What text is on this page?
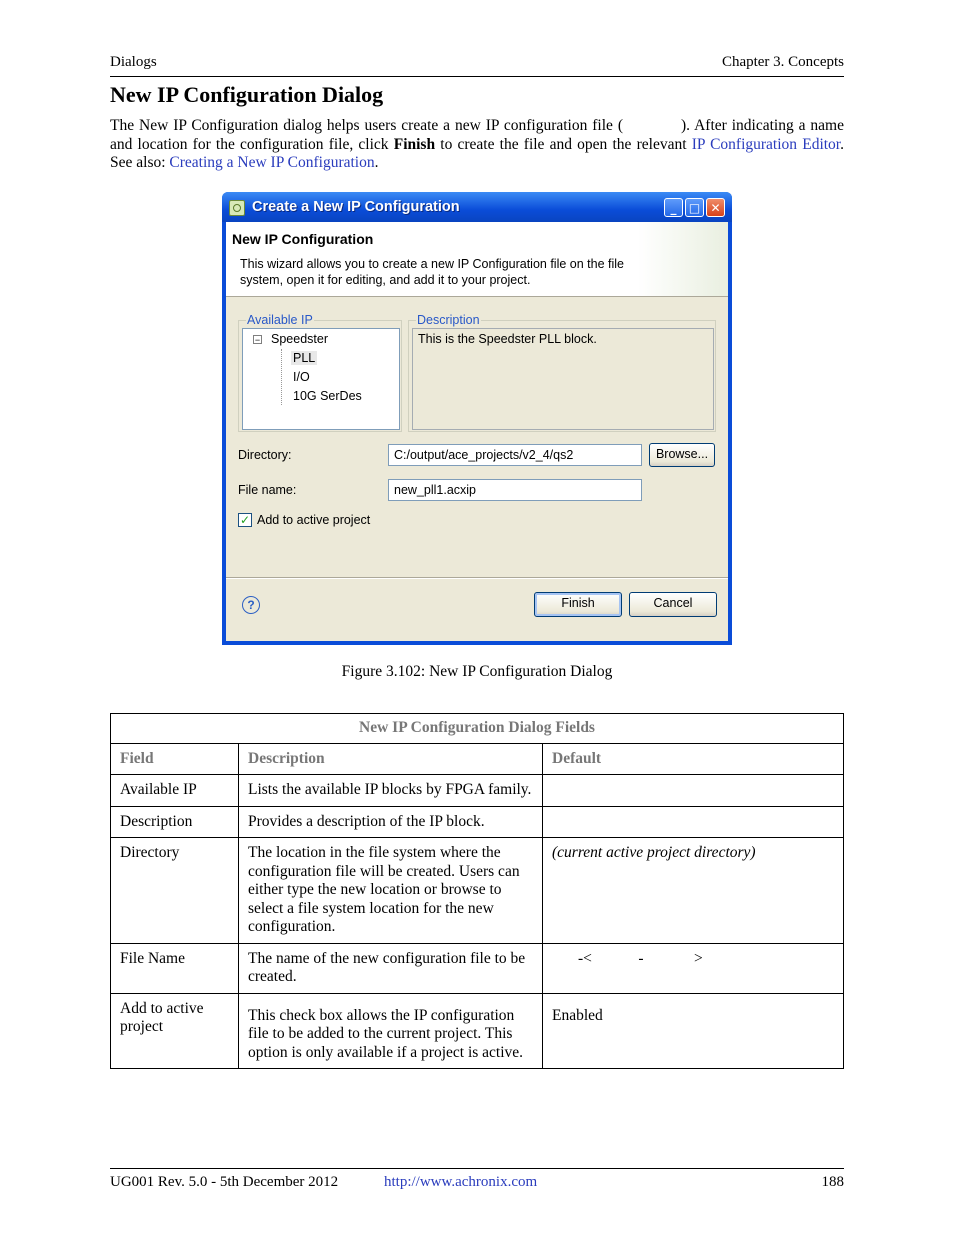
Dialogs	Chapter 3. Concepts
New IP Configuration Dialog
The New IP Configuration dialog helps users create a new IP configuration file (	). After indicating a name and location for the configuration file, click Finish to create the file and open the relevant IP Configuration Editor. See also: Creating a New IP Configuration.
Create a New IP Configuration	_	□ ✕
New IP Configuration
This wizard allows you to create a new IP Configuration file on the file system, open it for editing, and add it to your project.
Available IP
− Speedster
PLL
I/O
10G SerDes
Description
This is the Speedster PLL block.
Directory:	C:/output/ace_projects/v2_4/qs2	Browse...
File name:	new_pll1.acxip
✓ Add to active project
?	Finish	Cancel
Figure 3.102: New IP Configuration Dialog
New IP Configuration Dialog Fields		
Field	Description	Default
Available IP	Lists the available IP blocks by FPGA family.	
Description	Provides a description of the IP block.	
Directory	The location in the file system where the configuration file will be created. Users can either type the new location or browse to select a file system location for the new configuration.	(current active project directory)
File Name	The name of the new configuration file to be created.	-<            -             >
Add to active project	This check box allows the IP configuration file to be added to the current project. This option is only available if a project is active.	Enabled
UG001 Rev. 5.0 - 5th December 2012	http://www.achronix.com	188
